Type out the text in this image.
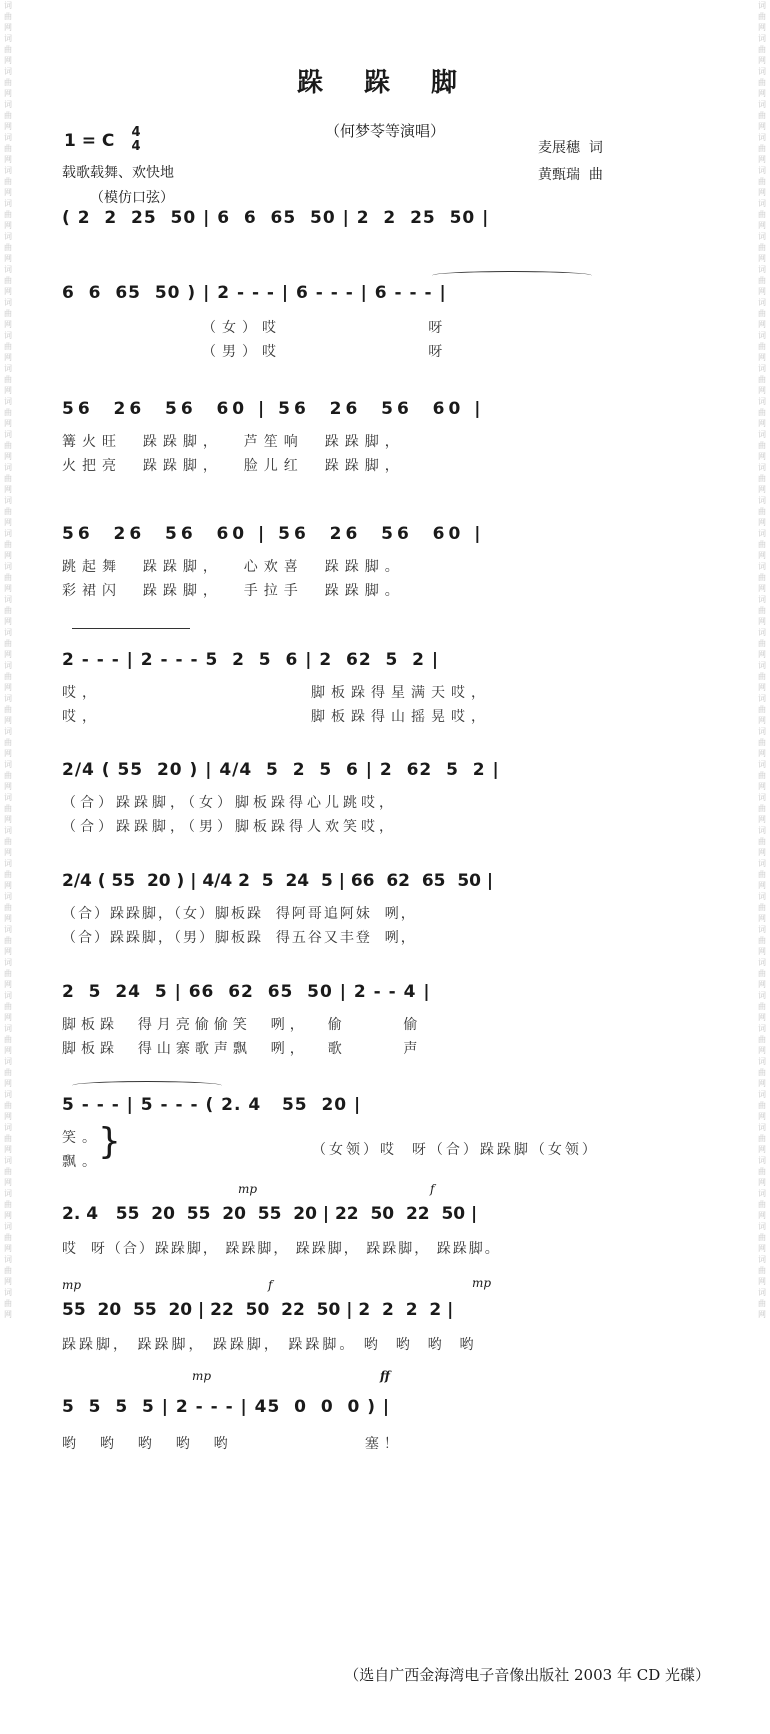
词曲网词曲网词曲网词曲网词曲网词曲网词曲网词曲网词曲网词曲网词曲网词曲网词曲网词曲网词曲网词曲网词曲网词曲网词曲网词曲网词曲网词曲网词曲网词曲网词曲网词曲网词曲网词曲网词曲网词曲网词曲网词曲网词曲网词曲网词曲网词曲网词曲网词曲网词曲网词曲网
词曲网词曲网词曲网词曲网词曲网词曲网词曲网词曲网词曲网词曲网词曲网词曲网词曲网词曲网词曲网词曲网词曲网词曲网词曲网词曲网词曲网词曲网词曲网词曲网词曲网词曲网词曲网词曲网词曲网词曲网词曲网词曲网词曲网词曲网词曲网词曲网词曲网词曲网词曲网词曲网
跺 跺 脚
（何梦苓等演唱）
1 = C 4
4
载歌载舞、欢快地
（模仿口弦）
麦展穗  词
黄甄瑞  曲
( 2  2  25  50 | 6  6  65  50 | 2  2  25  50 |
6  6  65  50 ) | 2 - - - | 6 - - - | 6 - - - |
（女）哎              呀
（男）哎              呀
56  26  56  60 | 56  26  56  60 |
篝火旺  跺跺脚，  芦笙响  跺跺脚，
火把亮  跺跺脚，  脸儿红  跺跺脚，
56  26  56  60 | 56  26  56  60 |
跳起舞  跺跺脚，  心欢喜  跺跺脚。
彩裙闪  跺跺脚，  手拉手  跺跺脚。
2 - - - | 2 - - - 5  2  5  6 | 2  62  5  2 |
哎，                    脚板跺得星满天哎，
哎，                    脚板跺得山摇晃哎，
2/4 ( 55  20 ) | 4/4  5  2  5  6 | 2  62  5  2 |
（合）跺跺脚，（女）脚板跺得心儿跳哎，
（合）跺跺脚，（男）脚板跺得人欢笑哎，
2/4 ( 55  20 ) | 4/4 2  5  24  5 | 66  62  65  50 |
（合）跺跺脚，（女）脚板跺  得阿哥追阿妹  咧，
（合）跺跺脚，（男）脚板跺  得五谷又丰登  咧，
2  5  24  5 | 66  62  65  50 | 2 - - 4 |
脚板跺  得月亮偷偷笑  咧，  偷      偷
脚板跺  得山寨歌声飘  咧，  歌      声
5 - - - | 5 - - - ( 2. 4   55  20 |
笑。
飘。
}	（女领）哎  呀（合）跺跺脚（女领）
mp	f
2. 4   55  20  55  20  55  20 | 22  50  22  50 |
哎  呀（合）跺跺脚， 跺跺脚， 跺跺脚， 跺跺脚， 跺跺脚。
mp	f	mp
55  20  55  20 | 22  50  22  50 | 2  2  2  2 |
跺跺脚， 跺跺脚， 跺跺脚， 跺跺脚。 哟  哟  哟  哟
mp	ff
5  5  5  5 | 2 - - - | 45  0  0  0 ) |
哟  哟  哟  哟  哟              塞！
（选自广西金海湾电子音像出版社 2003 年 CD 光碟）
